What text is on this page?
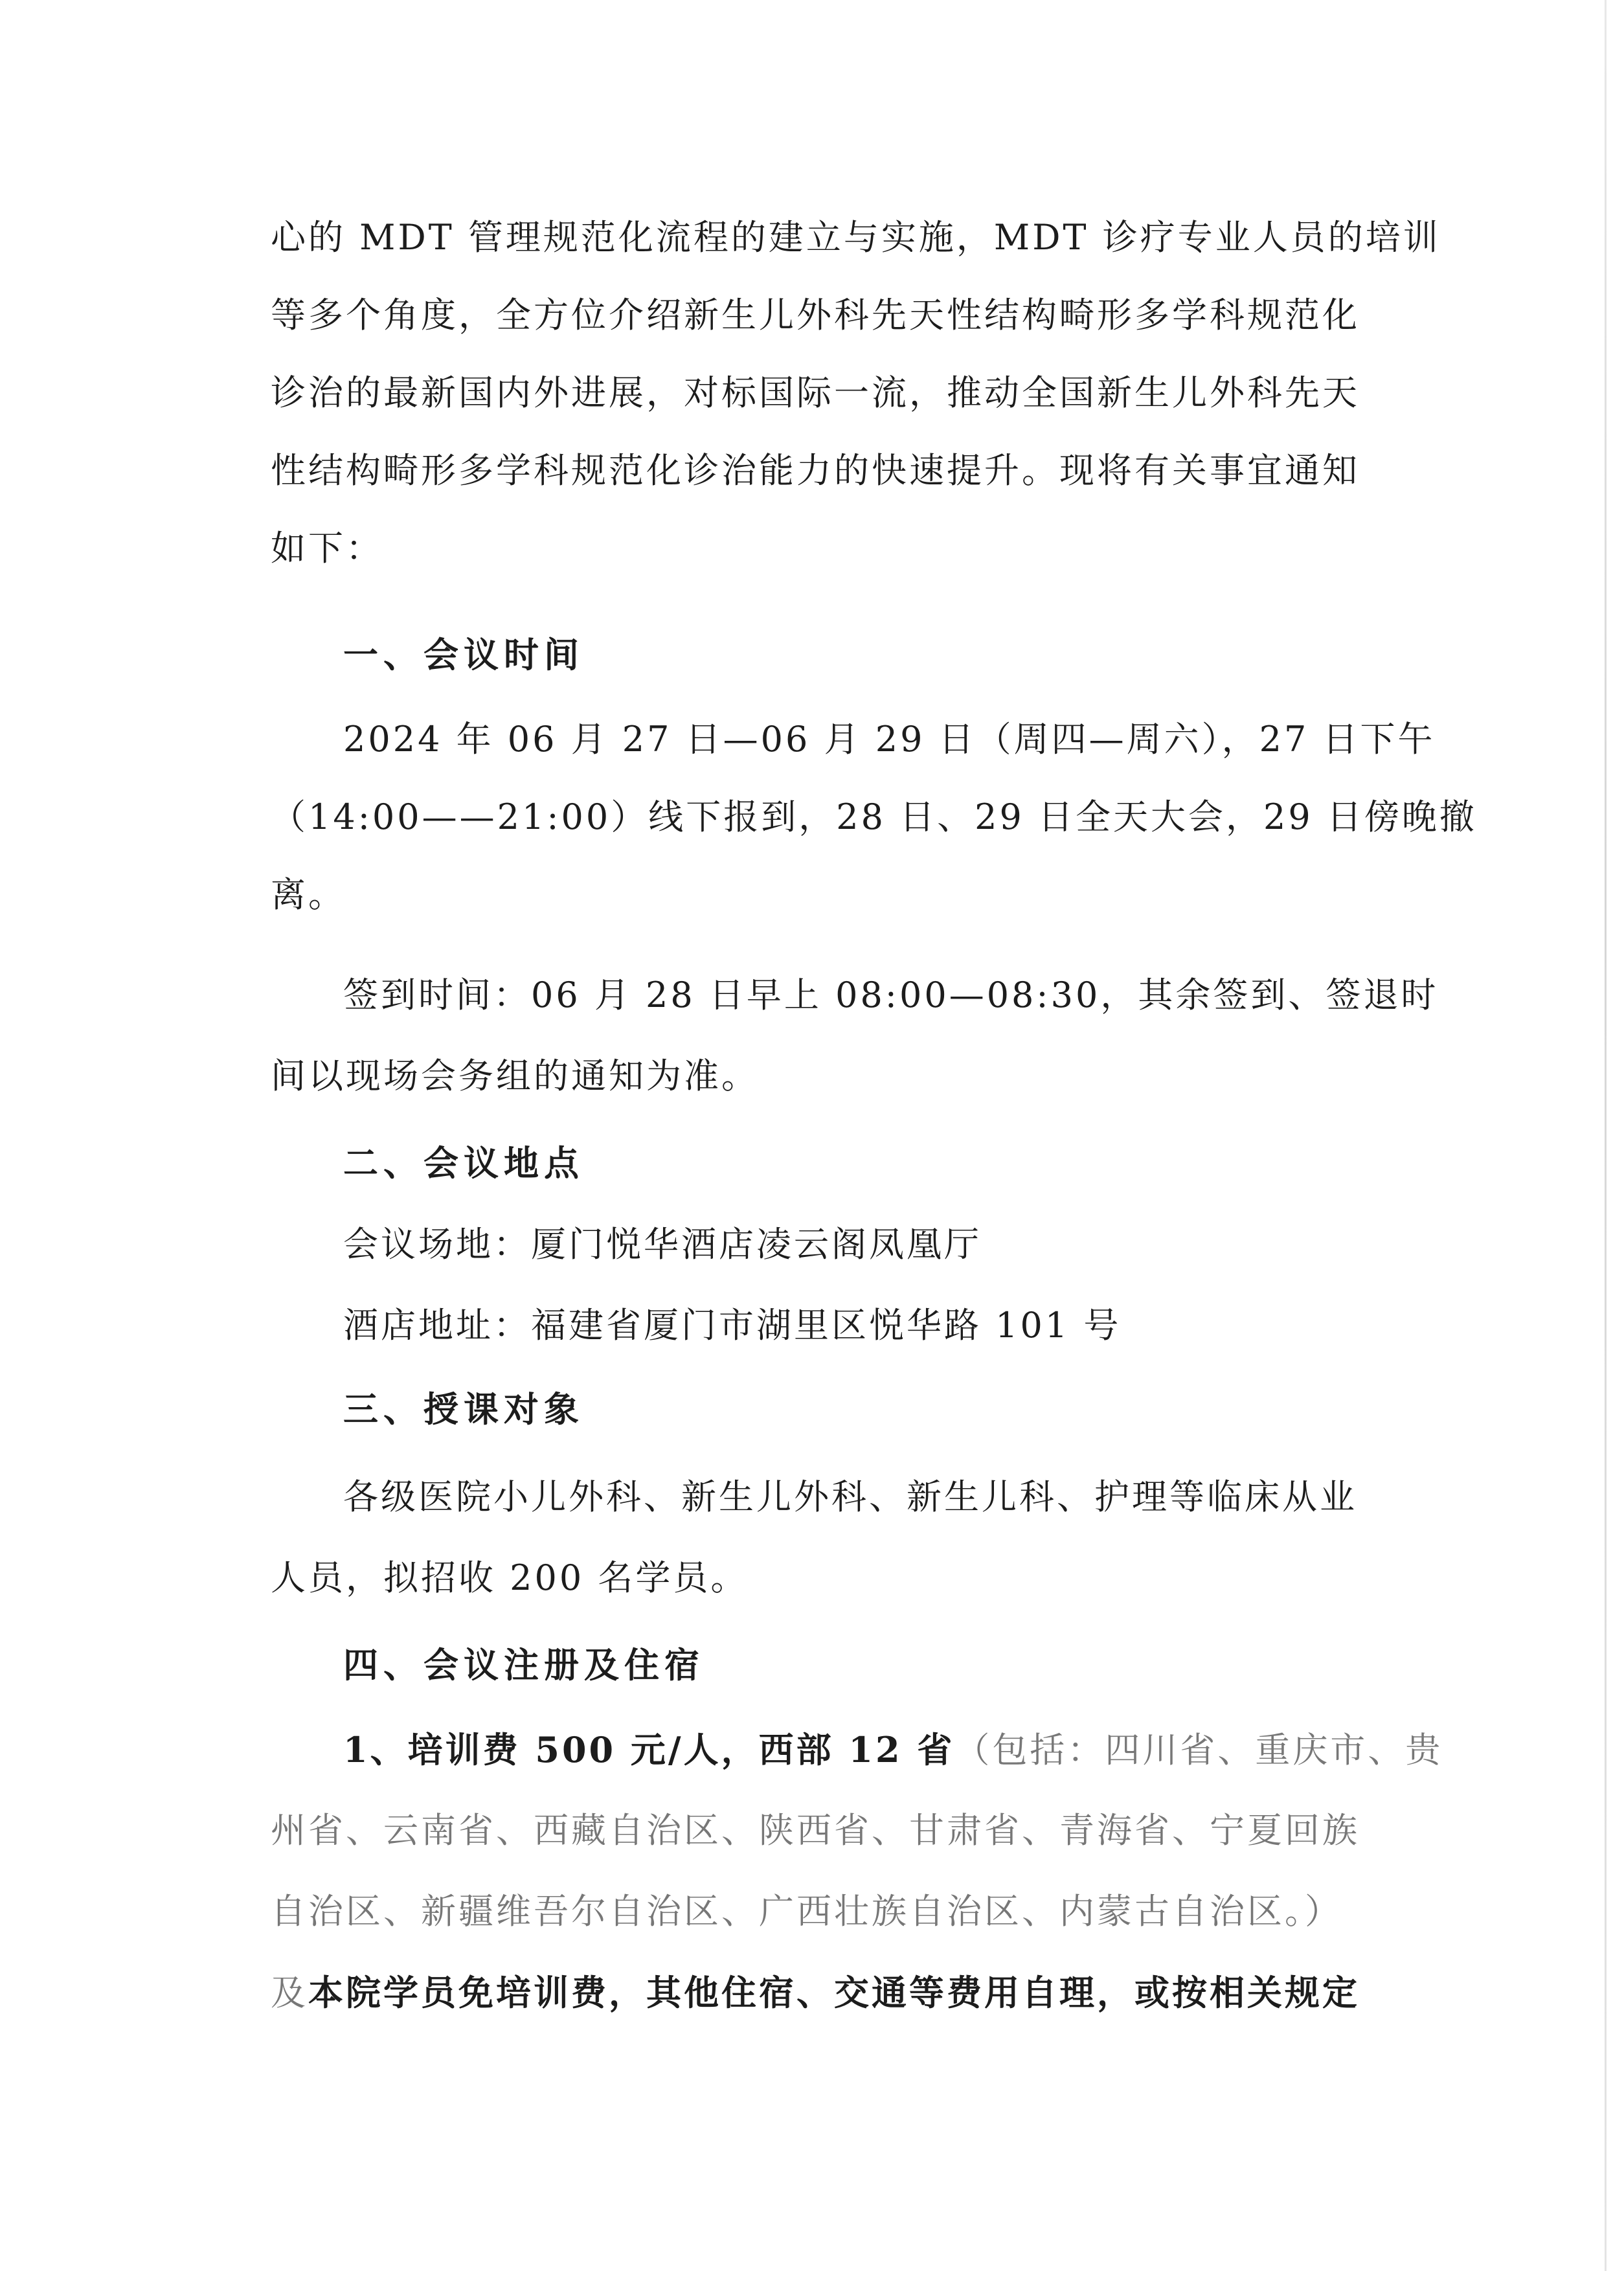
心的 MDT 管理规范化流程的建立与实施，MDT 诊疗专业人员的培训
等多个角度，全方位介绍新生儿外科先天性结构畸形多学科规范化
诊治的最新国内外进展，对标国际一流，推动全国新生儿外科先天
性结构畸形多学科规范化诊治能力的快速提升。现将有关事宜通知
如下：
一、会议时间
2024 年 06 月 27 日—06 月 29 日（周四—周六），27 日下午
（14:00——21:00）线下报到，28 日、29 日全天大会，29 日傍晚撤
离。
签到时间：06 月 28 日早上 08:00—08:30，其余签到、签退时
间以现场会务组的通知为准。
二、会议地点
会议场地：厦门悦华酒店凌云阁凤凰厅
酒店地址：福建省厦门市湖里区悦华路 101 号
三、授课对象
各级医院小儿外科、新生儿外科、新生儿科、护理等临床从业
人员，拟招收 200 名学员。
四、会议注册及住宿
1、培训费 500 元/人，西部 12 省（包括：四川省、重庆市、贵
州省、云南省、西藏自治区、陕西省、甘肃省、青海省、宁夏回族
自治区、新疆维吾尔自治区、广西壮族自治区、内蒙古自治区。）
及本院学员免培训费，其他住宿、交通等费用自理，或按相关规定
